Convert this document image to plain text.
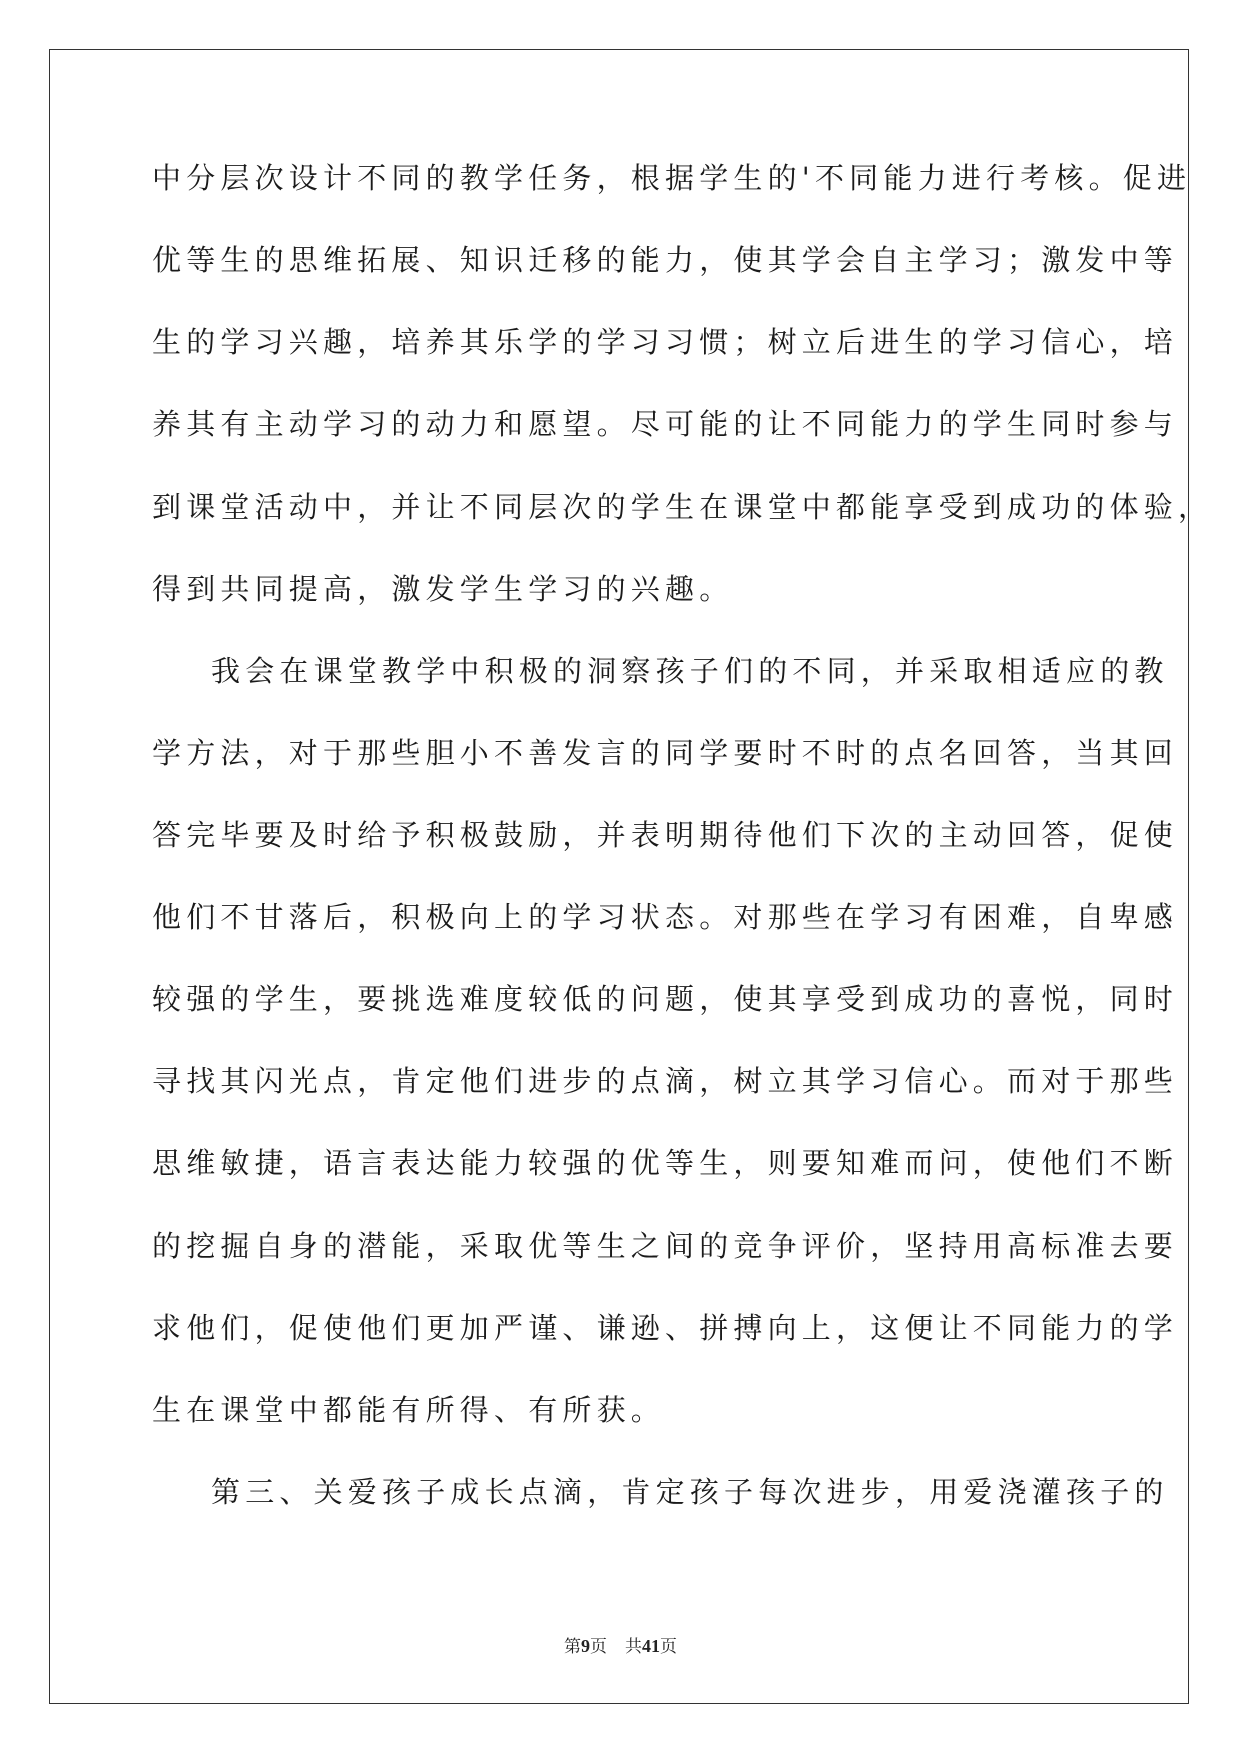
中分层次设计不同的教学任务，根据学生的'不同能力进行考核。促进
优等生的思维拓展、知识迁移的能力，使其学会自主学习；激发中等
生的学习兴趣，培养其乐学的学习习惯；树立后进生的学习信心，培
养其有主动学习的动力和愿望。尽可能的让不同能力的学生同时参与
到课堂活动中，并让不同层次的学生在课堂中都能享受到成功的体验，
得到共同提高，激发学生学习的兴趣。
我会在课堂教学中积极的洞察孩子们的不同，并采取相适应的教
学方法，对于那些胆小不善发言的同学要时不时的点名回答，当其回
答完毕要及时给予积极鼓励，并表明期待他们下次的主动回答，促使
他们不甘落后，积极向上的学习状态。对那些在学习有困难，自卑感
较强的学生，要挑选难度较低的问题，使其享受到成功的喜悦，同时
寻找其闪光点，肯定他们进步的点滴，树立其学习信心。而对于那些
思维敏捷，语言表达能力较强的优等生，则要知难而问，使他们不断
的挖掘自身的潜能，采取优等生之间的竞争评价，坚持用高标准去要
求他们，促使他们更加严谨、谦逊、拼搏向上，这便让不同能力的学
生在课堂中都能有所得、有所获。
第三、关爱孩子成长点滴，肯定孩子每次进步，用爱浇灌孩子的
第9页 共41页
